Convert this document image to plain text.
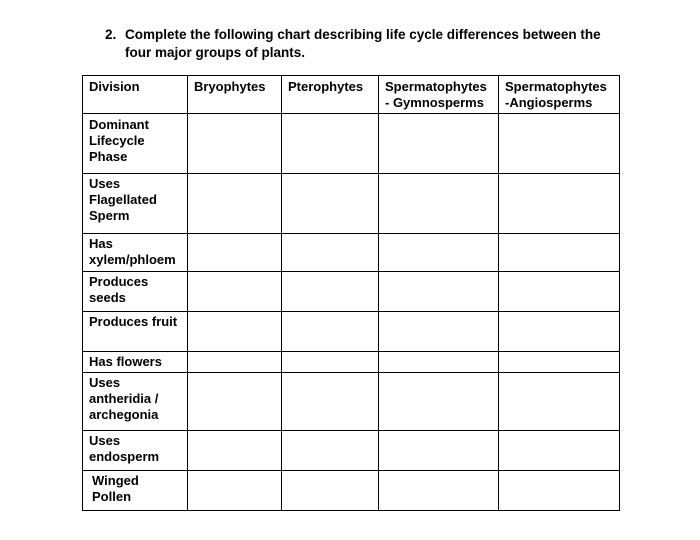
2. Complete the following chart describing life cycle differences between the
four major groups of plants.
Division	Bryophytes	Pterophytes	Spermatophytes - Gymnosperms	Spermatophytes -Angiosperms
Dominant Lifecycle Phase				
Uses Flagellated Sperm				
Has xylem/phloem				
Produces seeds				
Produces fruit				
Has flowers				
Uses antheridia / archegonia				
Uses endosperm				
Winged Pollen				
